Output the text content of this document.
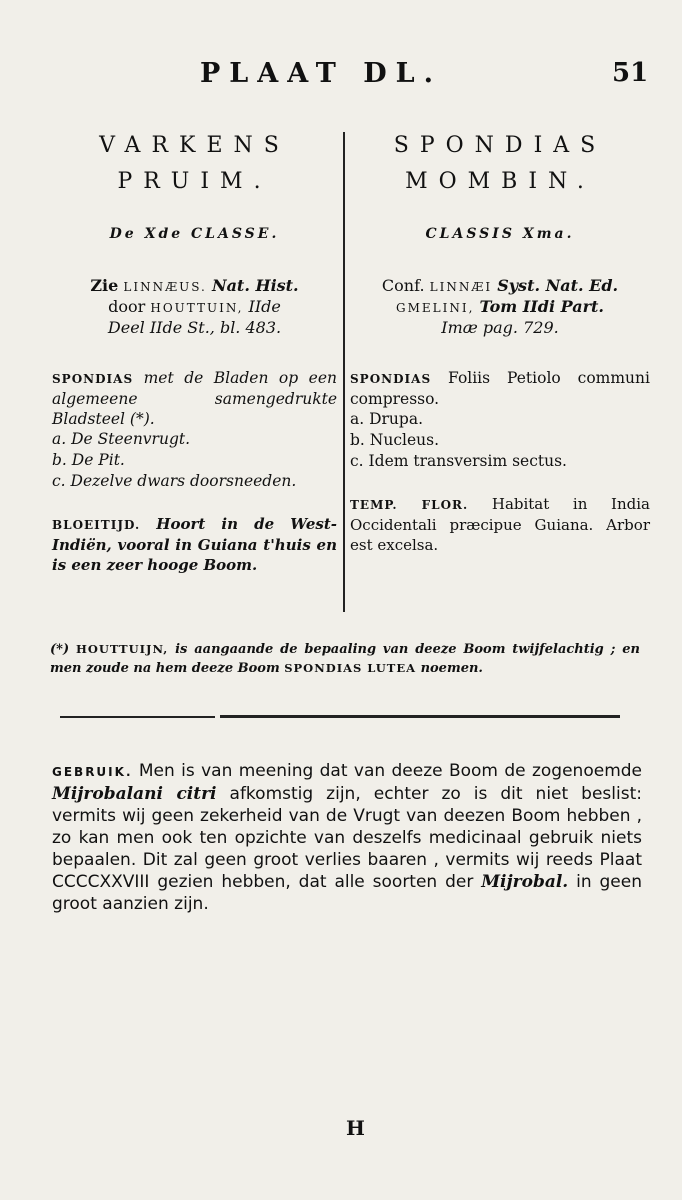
PLAAT DL.	51
VARKENS
PRUIM.
De Xde CLASSE.
Zie LINNÆUS. Nat. Hist.
door HOUTTUIN, IIde
Deel IIde St., bl. 483.
SPONDIAS met de Bladen op een algemeene samengedrukte Bladsteel (*).
a. De Steenvrugt.
b. De Pit.
c. Dezelve dwars doorsneeden.
BLOEITIJD. Hoort in de West-Indiën, vooral in Guiana t'huis en is een zeer hooge Boom.
SPONDIAS
MOMBIN.
CLASSIS Xma.
Conf. LINNÆI Syst. Nat. Ed.
GMELINI, Tom IIdi Part.
Imæ pag. 729.
SPONDIAS Foliis Petiolo communi compresso.
a. Drupa.
b. Nucleus.
c. Idem transversim sectus.
TEMP. FLOR. Habitat in India Occidentali præcipue Guiana. Arbor est excelsa.
(*) HOUTTUIJN, is aangaande de bepaaling van deeze Boom twijfelachtig ; en men zoude na hem deeze Boom SPONDIAS LUTEA noemen.
GEBRUIK. Men is van meening dat van deeze Boom de zogenoemde Mijrobalani citri afkomstig zijn, echter zo is dit niet beslist: vermits wij geen zekerheid van de Vrugt van deezen Boom hebben , zo kan men ook ten opzichte van deszelfs medicinaal gebruik niets bepaalen. Dit zal geen groot verlies baaren , vermits wij reeds Plaat CCCCXXVIII gezien hebben, dat alle soorten der Mijrobal. in geen groot aanzien zijn.
H
